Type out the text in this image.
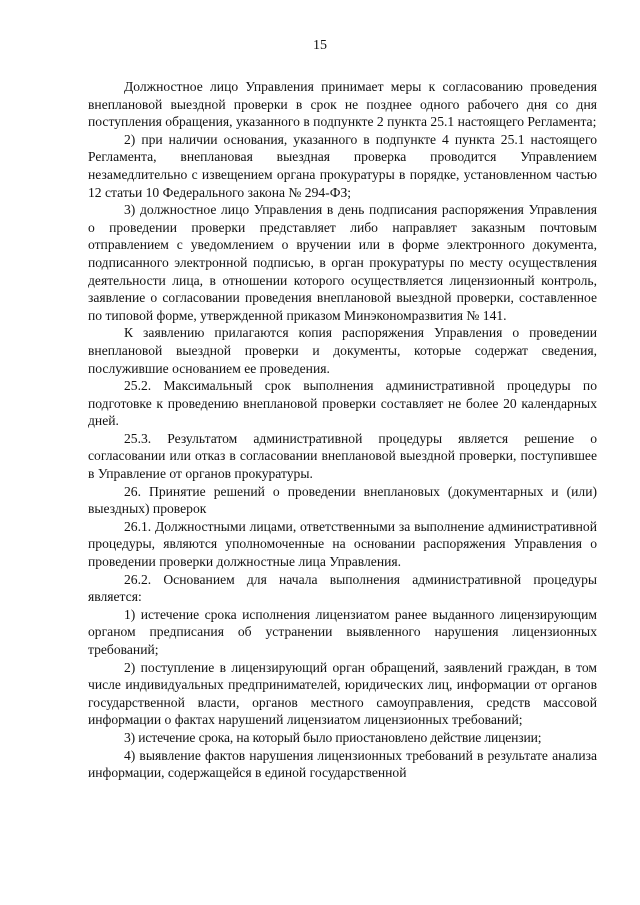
15

Должностное лицо Управления принимает меры к согласованию проведения внеплановой выездной проверки в срок не позднее одного рабочего дня со дня поступления обращения, указанного в подпункте 2 пункта 25.1 настоящего Регламента;

2) при наличии основания, указанного в подпункте 4 пункта 25.1 настоящего Регламента, внеплановая выездная проверка проводится Управлением незамедлительно с извещением органа прокуратуры в порядке, установленном частью 12 статьи 10 Федерального закона № 294-ФЗ;

3) должностное лицо Управления в день подписания распоряжения Управления о проведении проверки представляет либо направляет заказным почтовым отправлением с уведомлением о вручении или в форме электронного документа, подписанного электронной подписью, в орган прокуратуры по месту осуществления деятельности лица, в отношении которого осуществляется лицензионный контроль, заявление о согласовании проведения внеплановой выездной проверки, составленное по типовой форме, утвержденной приказом Минэкономразвития № 141.

К заявлению прилагаются копия распоряжения Управления о проведении внеплановой выездной проверки и документы, которые содержат сведения, послужившие основанием ее проведения.

25.2. Максимальный срок выполнения административной процедуры по подготовке к проведению внеплановой проверки составляет не более 20 календарных дней.

25.3. Результатом административной процедуры является решение о согласовании или отказ в согласовании внеплановой выездной проверки, поступившее в Управление от органов прокуратуры.

26. Принятие решений о проведении внеплановых (документарных и (или) выездных) проверок

26.1. Должностными лицами, ответственными за выполнение административной процедуры, являются уполномоченные на основании распоряжения Управления о проведении проверки должностные лица Управления.

26.2. Основанием для начала выполнения административной процедуры является:

1) истечение срока исполнения лицензиатом ранее выданного лицензирующим органом предписания об устранении выявленного нарушения лицензионных требований;

2) поступление в лицензирующий орган обращений, заявлений граждан, в том числе индивидуальных предпринимателей, юридических лиц, информации от органов государственной власти, органов местного самоуправления, средств массовой информации о фактах нарушений лицензиатом лицензионных требований;

3) истечение срока, на который было приостановлено действие лицензии;

4) выявление фактов нарушения лицензионных требований в результате анализа информации, содержащейся в единой государственной
